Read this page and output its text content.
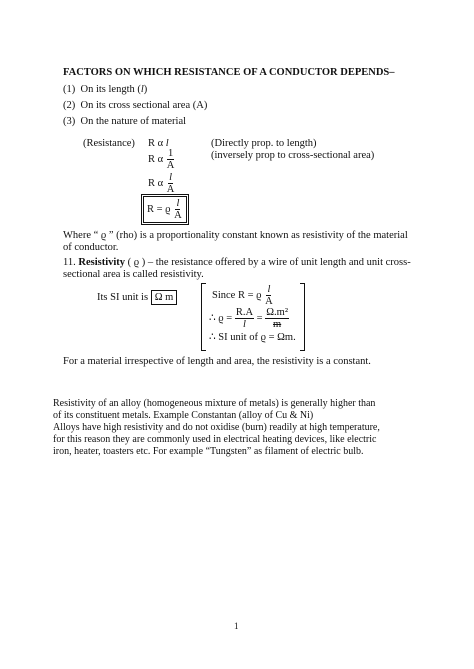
FACTORS ON WHICH RESISTANCE OF A CONDUCTOR DEPENDS–
(1) On its length (l)
(2) On its cross sectional area (A)
(3) On the nature of material
(Resistance) R α l	(Directly prop. to length)
R α $\frac{1}{A}$	(inversely prop to cross-sectional area)
R α $\frac{l}{A}$
R = ϱ $\frac{l}{A}$
Where “ ϱ ” (rho) is a proportionality constant known as resistivity of the material
of conductor.
11. Resistivity ( ϱ ) – the resistance offered by a wire of unit length and unit cross-
sectional area is called resistivity.
Its SI unit is Ω m	Since R = ϱ $\frac{l}{A}$
∴ $ϱ = \frac{R.A}{l} = \frac{\text{Ω.m²}}{m}$
∴ SI unit of ϱ = Ωm.
For a material irrespective of length and area, the resistivity is a constant.
Resistivity of an alloy (homogeneous mixture of metals) is generally higher than
of its constituent metals. Example Constantan (alloy of Cu & Ni)
Alloys have high resistivity and do not oxidise (burn) readily at high temperature,
for this reason they are commonly used in electrical heating devices, like electric
iron, heater, toasters etc. For example “Tungsten” as filament of electric bulb.
1
